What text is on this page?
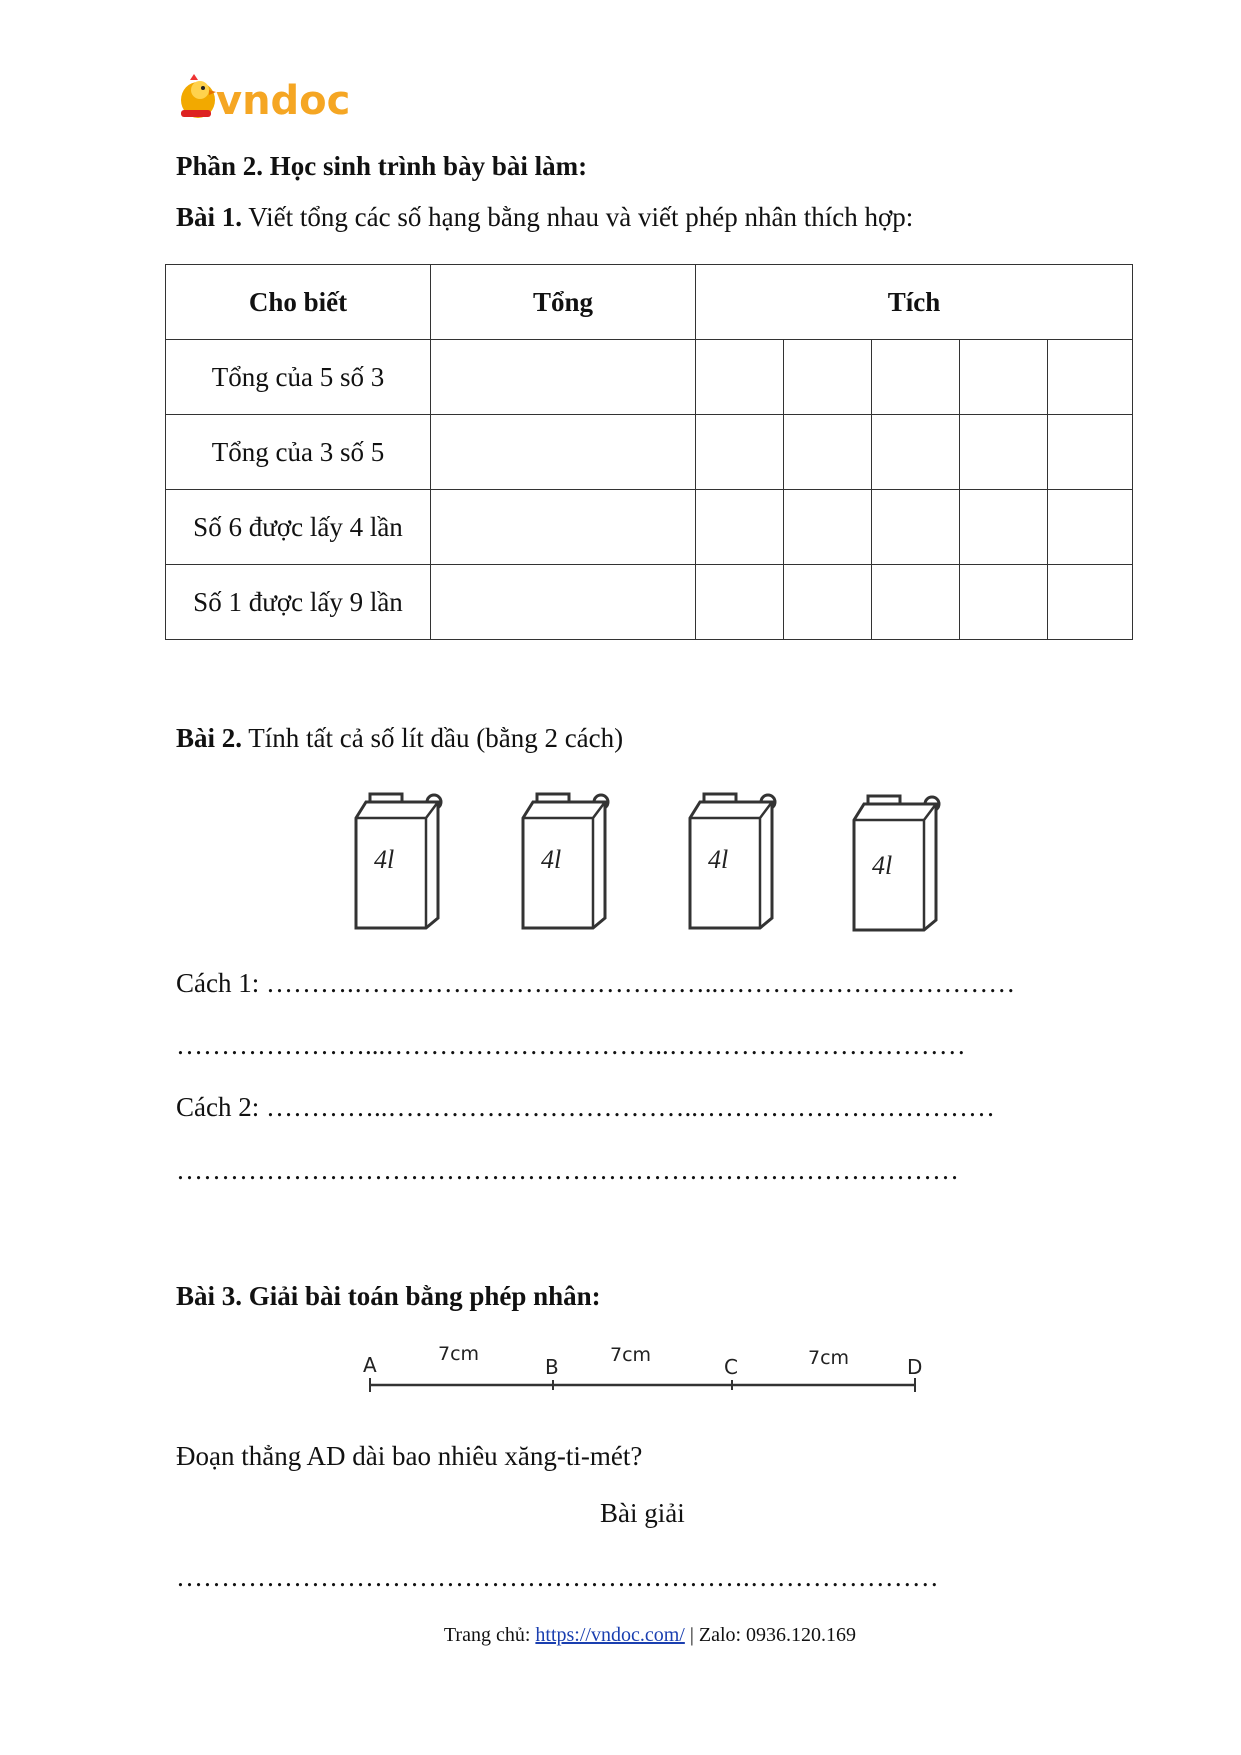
vndoc
Phần 2. Học sinh trình bày bài làm:
Bài 1. Viết tổng các số hạng bằng nhau và viết phép nhân thích hợp:
Cho biết	Tổng	Tích				
Tổng của 5 số 3						
Tổng của 3 số 5						
Số 6 được lấy 4 lần						
Số 1 được lấy 9 lần						
Bài 2. Tính tất cả số lít dầu (bằng 2 cách)
4l	4l	4l	4l
Cách 1: ……….…………………………………..……………………………
…………………...…………………………..……………………………
Cách 2: …………..……………………………..……………………………
……………………………………………………………………………
Bài 3. Giải bài toán bằng phép nhân:
A	B	C	D
7cm	7cm	7cm
Đoạn thẳng AD dài bao nhiêu xăng-ti-mét?
Bài giải
……………………………………………………….…………………
Trang chủ: https://vndoc.com/ | Zalo: 0936.120.169
